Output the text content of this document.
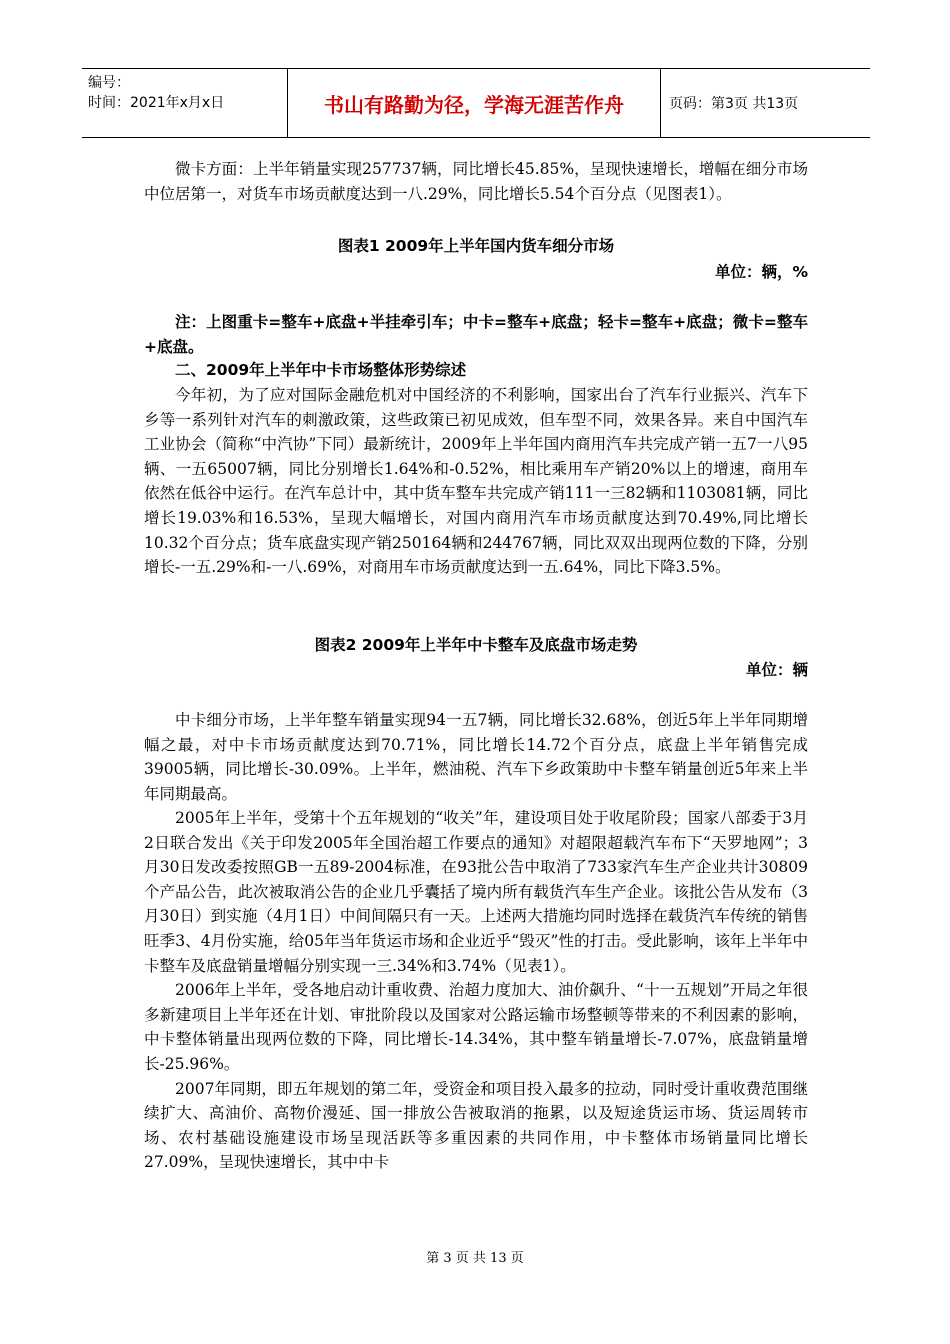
编号：
时间：2021年x月x日	书山有路勤为径，学海无涯苦作舟	页码：第3页 共13页

微卡方面：上半年销量实现257737辆，同比增长45.85%，呈现快速增长，增幅在细分市场中位居第一，对货车市场贡献度达到一八.29%，同比增长5.54个百分点（见图表1）。

图表1 2009年上半年国内货车细分市场
单位：辆，%

注：上图重卡=整车+底盘+半挂牵引车；中卡=整车+底盘；轻卡=整车+底盘；微卡=整车+底盘。

二、2009年上半年中卡市场整体形势综述

今年初，为了应对国际金融危机对中国经济的不利影响，国家出台了汽车行业振兴、汽车下乡等一系列针对汽车的刺激政策，这些政策已初见成效，但车型不同，效果各异。来自中国汽车工业协会（简称“中汽协”下同）最新统计，2009年上半年国内商用汽车共完成产销一五7一八95辆、一五65007辆，同比分别增长1.64%和-0.52%，相比乘用车产销20%以上的增速，商用车依然在低谷中运行。在汽车总计中，其中货车整车共完成产销111一三82辆和1103081辆，同比增长19.03%和16.53%，呈现大幅增长，对国内商用汽车市场贡献度达到70.49%,同比增长10.32个百分点；货车底盘实现产销250164辆和244767辆，同比双双出现两位数的下降，分别增长-一五.29%和-一八.69%，对商用车市场贡献度达到一五.64%，同比下降3.5%。

图表2 2009年上半年中卡整车及底盘市场走势
单位：辆

中卡细分市场，上半年整车销量实现94一五7辆，同比增长32.68%，创近5年上半年同期增幅之最，对中卡市场贡献度达到70.71%，同比增长14.72个百分点，底盘上半年销售完成39005辆，同比增长-30.09%。上半年，燃油税、汽车下乡政策助中卡整车销量创近5年来上半年同期最高。

2005年上半年，受第十个五年规划的“收关”年，建设项目处于收尾阶段；国家八部委于3月2日联合发出《关于印发2005年全国治超工作要点的通知》对超限超载汽车布下“天罗地网”；3月30日发改委按照GB一五89-2004标准，在93批公告中取消了733家汽车生产企业共计30809个产品公告，此次被取消公告的企业几乎囊括了境内所有载货汽车生产企业。该批公告从发布（3月30日）到实施（4月1日）中间间隔只有一天。上述两大措施均同时选择在载货汽车传统的销售旺季3、4月份实施，给05年当年货运市场和企业近乎“毁灭”性的打击。受此影响，该年上半年中卡整车及底盘销量增幅分别实现一三.34%和3.74%（见表1）。

2006年上半年，受各地启动计重收费、治超力度加大、油价飙升、“十一五规划”开局之年很多新建项目上半年还在计划、审批阶段以及国家对公路运输市场整顿等带来的不利因素的影响，中卡整体销量出现两位数的下降，同比增长-14.34%，其中整车销量增长-7.07%，底盘销量增长-25.96%。

2007年同期，即五年规划的第二年，受资金和项目投入最多的拉动，同时受计重收费范围继续扩大、高油价、高物价漫延、国一排放公告被取消的拖累，以及短途货运市场、货运周转市场、农村基础设施建设市场呈现活跃等多重因素的共同作用，中卡整体市场销量同比增长27.09%，呈现快速增长，其中中卡

第 3 页 共 13 页
